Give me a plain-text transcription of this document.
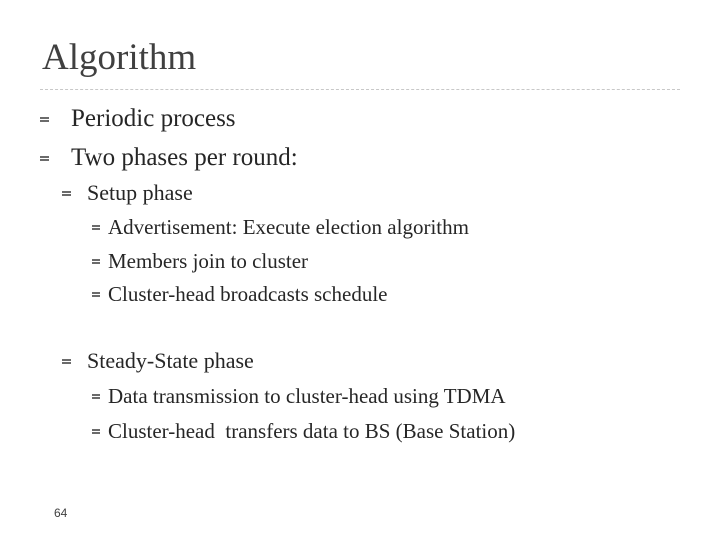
Algorithm
Periodic process
Two phases per round:
Setup phase
Advertisement: Execute election algorithm
Members join to cluster
Cluster-head broadcasts schedule
Steady-State phase
Data transmission to cluster-head using TDMA
Cluster-head  transfers data to BS (Base Station)
64
